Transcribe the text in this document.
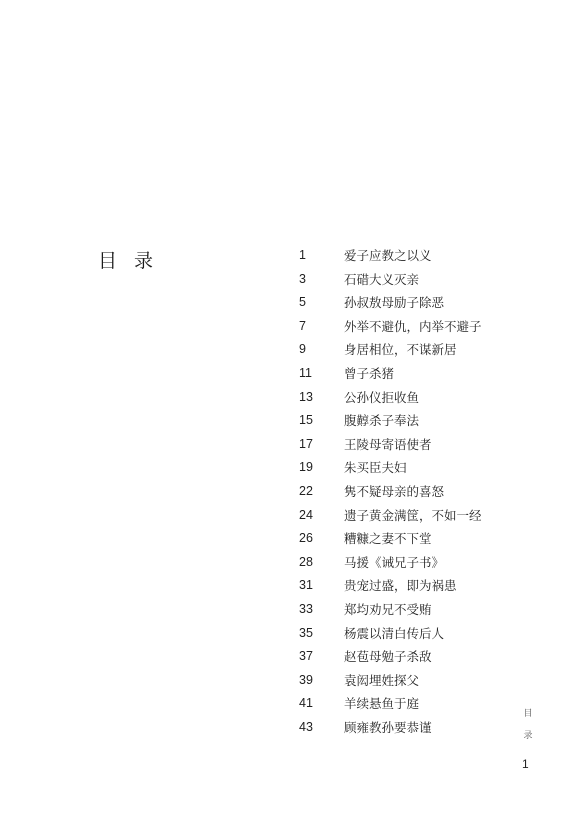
目 录	1	爱子应教之以义
3	石碏大义灭亲
5	孙叔敖母励子除恶
7	外举不避仇，内举不避子
9	身居相位，不谋新居
11	曾子杀猪
13 公孙仪拒收鱼
15 腹䵍杀子奉法
17 王陵母寄语使者
19 朱买臣夫妇
22 隽不疑母亲的喜怒
24 遗子黄金满筐，不如一经
26 糟糠之妻不下堂
28 马援《诫兄子书》
31 贵宠过盛，即为祸患
33 郑均劝兄不受贿
35 杨震以清白传后人
37 赵苞母勉子杀敌
39 袁闳埋姓探父
41 羊续悬鱼于庭
43 顾雍教孙要恭谨
目
录
1
